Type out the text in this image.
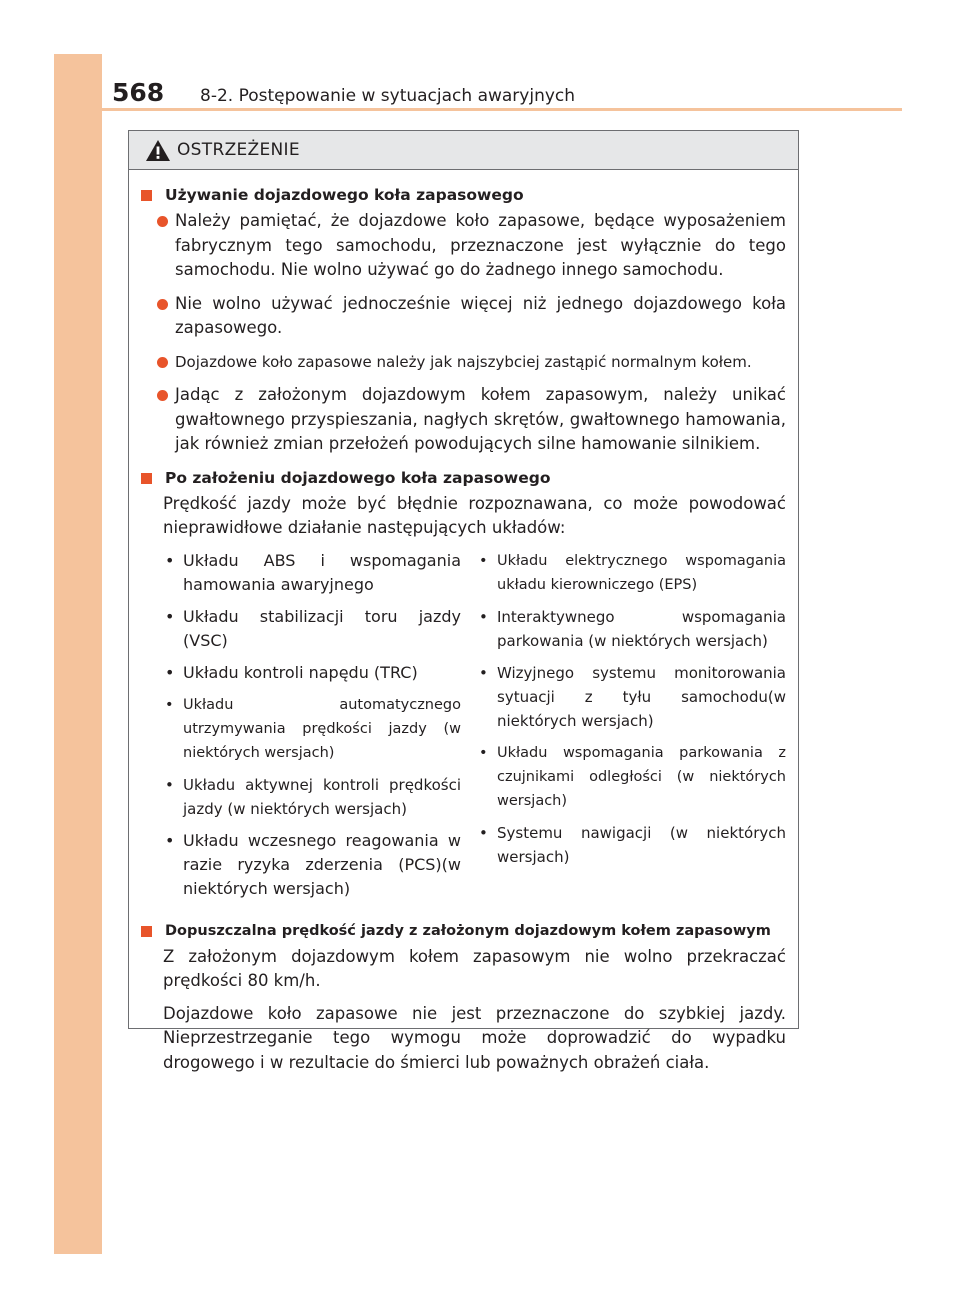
568 8-2. Postępowanie w sytuacjach awaryjnych
OSTRZEŻENIE
Używanie dojazdowego koła zapasowego
Należy pamiętać, że dojazdowe koło zapasowe, będące wyposażeniem fabrycznym tego samochodu, przeznaczone jest wyłącznie do tego samochodu. Nie wolno używać go do żadnego innego samochodu.
Nie wolno używać jednocześnie więcej niż jednego dojazdowego koła zapasowego.
Dojazdowe koło zapasowe należy jak najszybciej zastąpić normalnym kołem.
Jadąc z założonym dojazdowym kołem zapasowym, należy unikać gwałtownego przyspieszania, nagłych skrętów, gwałtownego hamowania, jak również zmian przełożeń powodujących silne hamowanie silnikiem.
Po założeniu dojazdowego koła zapasowego
Prędkość jazdy może być błędnie rozpoznawana, co może powodować nieprawidłowe działanie następujących układów:
• Układu ABS i wspomagania hamowania awaryjnego
• Układu stabilizacji toru jazdy (VSC)
• Układu kontroli napędu (TRC)
• Układu automatycznego utrzymywania prędkości jazdy (w niektórych wersjach)
• Układu aktywnej kontroli prędkości jazdy (w niektórych wersjach)
• Układu wczesnego reagowania w razie ryzyka zderzenia (PCS)(w niektórych wersjach)
• Układu elektrycznego wspomagania układu kierowniczego (EPS)
• Interaktywnego wspomagania parkowania (w niektórych wersjach)
• Wizyjnego systemu monitorowania sytuacji z tyłu samochodu(w niektórych wersjach)
• Układu wspomagania parkowania z czujnikami odległości (w niektórych wersjach)
• Systemu nawigacji (w niektórych wersjach)
Dopuszczalna prędkość jazdy z założonym dojazdowym kołem zapasowym
Z założonym dojazdowym kołem zapasowym nie wolno przekraczać prędkości 80 km/h.
Dojazdowe koło zapasowe nie jest przeznaczone do szybkiej jazdy. Nieprzestrzeganie tego wymogu może doprowadzić do wypadku drogowego i w rezultacie do śmierci lub poważnych obrażeń ciała.
